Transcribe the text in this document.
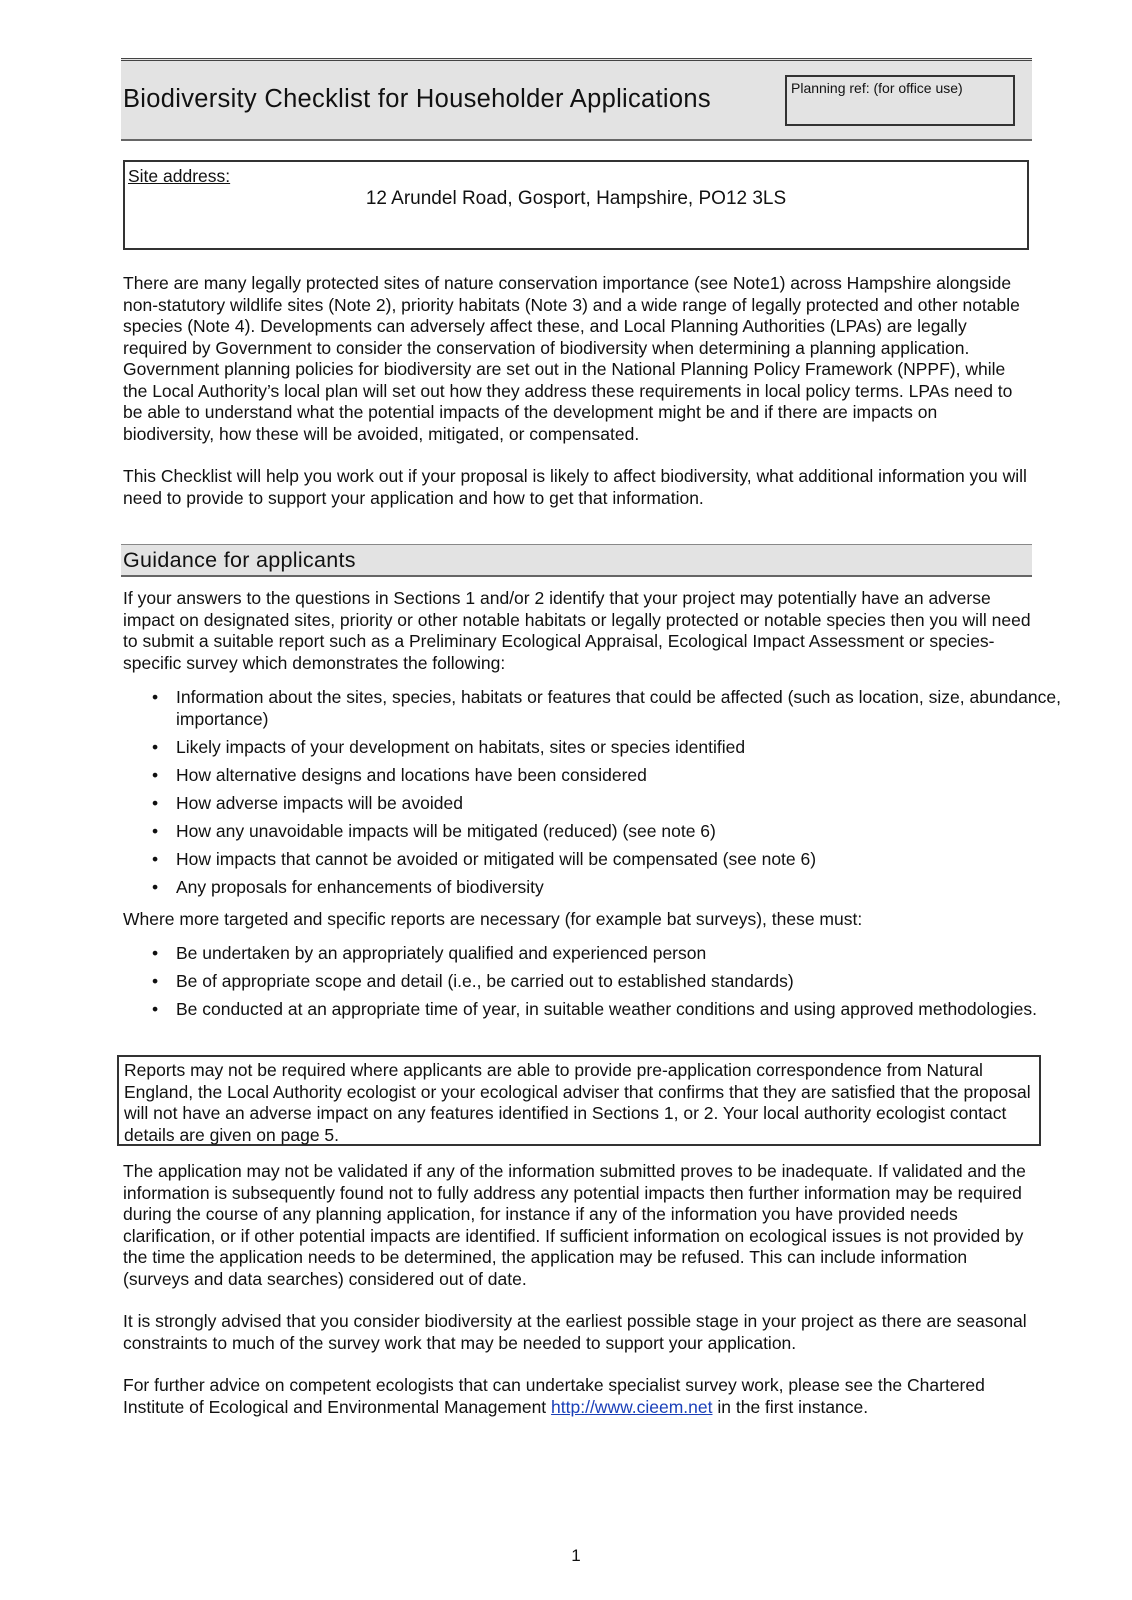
Biodiversity Checklist for Householder Applications	Planning ref: (for office use)
Site address:
12 Arundel Road, Gosport, Hampshire, PO12 3LS

There are many legally protected sites of nature conservation importance (see Note1) across Hampshire alongside non-statutory wildlife sites (Note 2), priority habitats (Note 3) and a wide range of legally protected and other notable species (Note 4). Developments can adversely affect these, and Local Planning Authorities (LPAs) are legally required by Government to consider the conservation of biodiversity when determining a planning application. Government planning policies for biodiversity are set out in the National Planning Policy Framework (NPPF), while the Local Authority’s local plan will set out how they address these requirements in local policy terms. LPAs need to be able to understand what the potential impacts of the development might be and if there are impacts on biodiversity, how these will be avoided, mitigated, or compensated.

This Checklist will help you work out if your proposal is likely to affect biodiversity, what additional information you will need to provide to support your application and how to get that information.

Guidance for applicants

If your answers to the questions in Sections 1 and/or 2 identify that your project may potentially have an adverse impact on designated sites, priority or other notable habitats or legally protected or notable species then you will need to submit a suitable report such as a Preliminary Ecological Appraisal, Ecological Impact Assessment or species-specific survey which demonstrates the following:

• Information about the sites, species, habitats or features that could be affected (such as location, size, abundance, importance)
• Likely impacts of your development on habitats, sites or species identified
• How alternative designs and locations have been considered
• How adverse impacts will be avoided
• How any unavoidable impacts will be mitigated (reduced) (see note 6)
• How impacts that cannot be avoided or mitigated will be compensated (see note 6)
• Any proposals for enhancements of biodiversity

Where more targeted and specific reports are necessary (for example bat surveys), these must:

• Be undertaken by an appropriately qualified and experienced person
• Be of appropriate scope and detail (i.e., be carried out to established standards)
• Be conducted at an appropriate time of year, in suitable weather conditions and using approved methodologies.
Reports may not be required where applicants are able to provide pre-application correspondence from Natural England, the Local Authority ecologist or your ecological adviser that confirms that they are satisfied that the proposal will not have an adverse impact on any features identified in Sections 1, or 2. Your local authority ecologist contact details are given on page 5.

The application may not be validated if any of the information submitted proves to be inadequate. If validated and the information is subsequently found not to fully address any potential impacts then further information may be required during the course of any planning application, for instance if any of the information you have provided needs clarification, or if other potential impacts are identified. If sufficient information on ecological issues is not provided by the time the application needs to be determined, the application may be refused. This can include information (surveys and data searches) considered out of date.

It is strongly advised that you consider biodiversity at the earliest possible stage in your project as there are seasonal constraints to much of the survey work that may be needed to support your application.

For further advice on competent ecologists that can undertake specialist survey work, please see the Chartered Institute of Ecological and Environmental Management http://www.cieem.net in the first instance.

1
